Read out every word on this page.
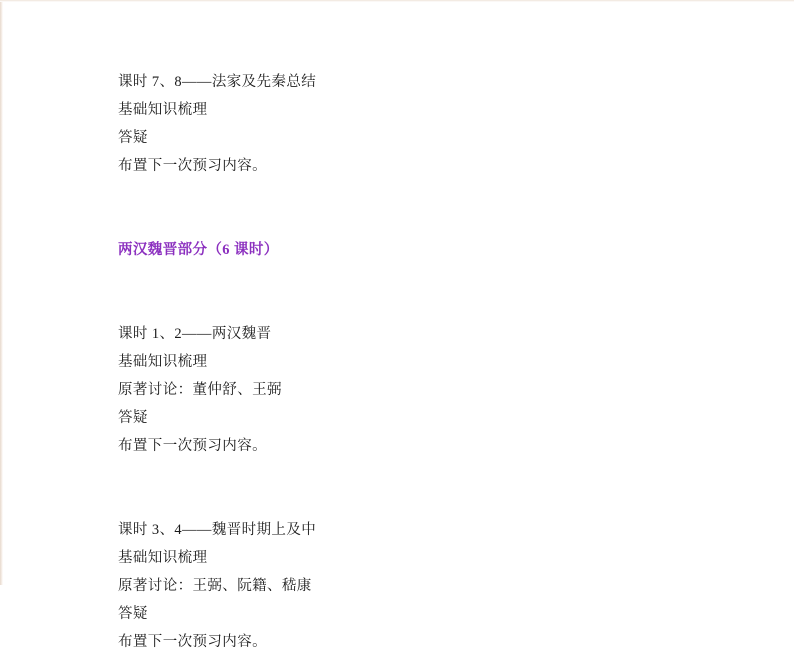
课时 7、8——法家及先秦总结
基础知识梳理
答疑
布置下一次预习内容。
两汉魏晋部分（6 课时）
课时 1、2——两汉魏晋
基础知识梳理
原著讨论：董仲舒、王弼
答疑
布置下一次预习内容。
课时 3、4——魏晋时期上及中
基础知识梳理
原著讨论：王弼、阮籍、嵇康
答疑
布置下一次预习内容。
